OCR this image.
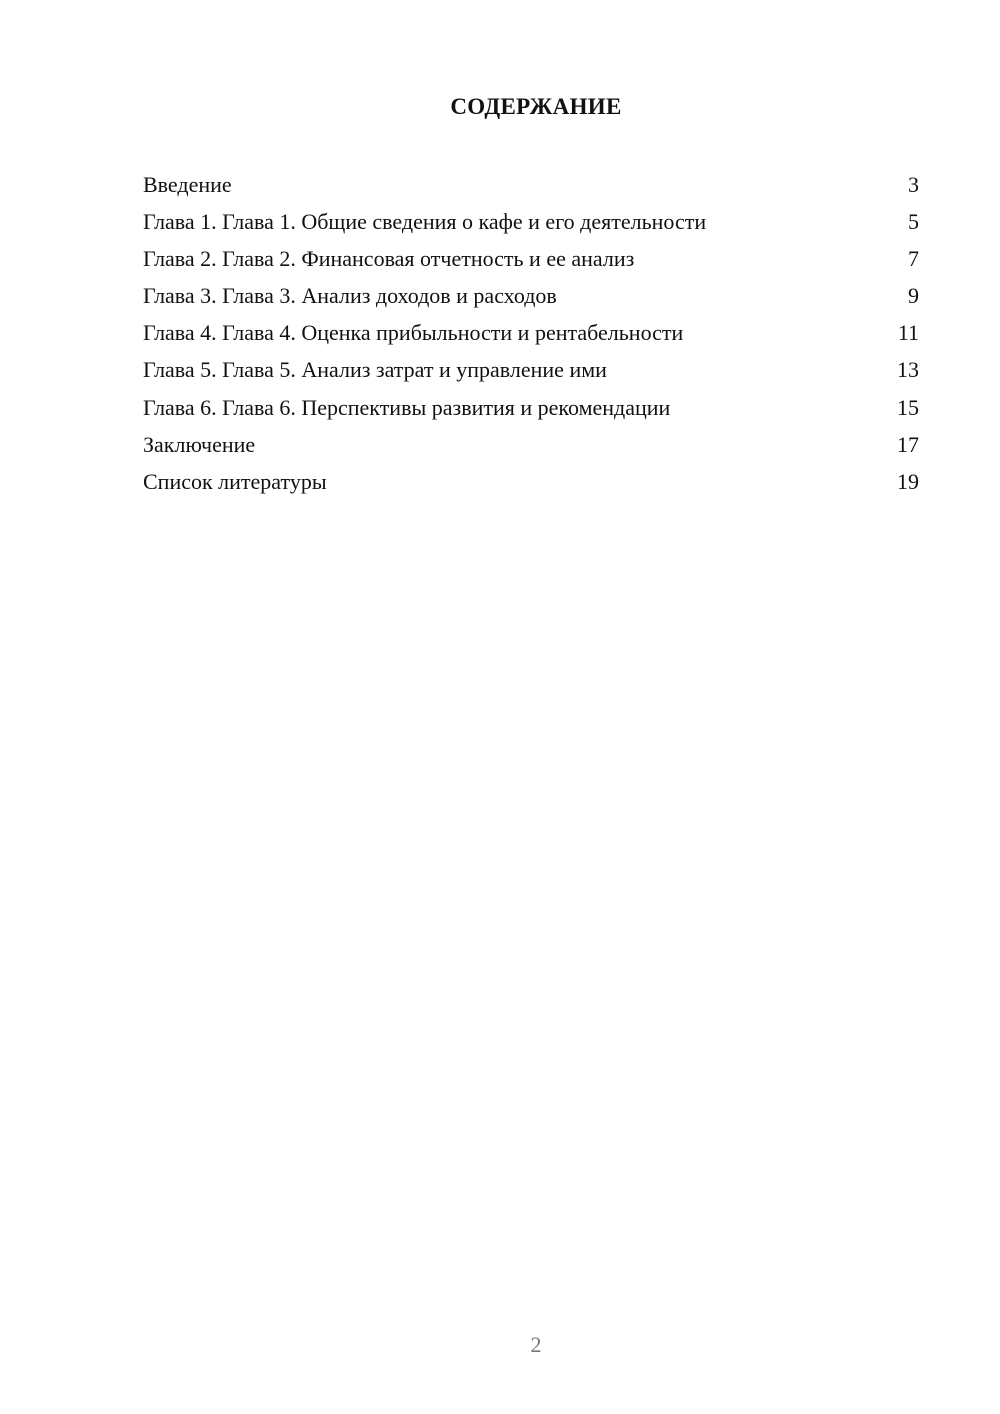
СОДЕРЖАНИЕ
Введение	3
Глава 1. Глава 1. Общие сведения о кафе и его деятельности	5
Глава 2. Глава 2. Финансовая отчетность и ее анализ	7
Глава 3. Глава 3. Анализ доходов и расходов	9
Глава 4. Глава 4. Оценка прибыльности и рентабельности	11
Глава 5. Глава 5. Анализ затрат и управление ими	13
Глава 6. Глава 6. Перспективы развития и рекомендации	15
Заключение	17
Список литературы	19
2
